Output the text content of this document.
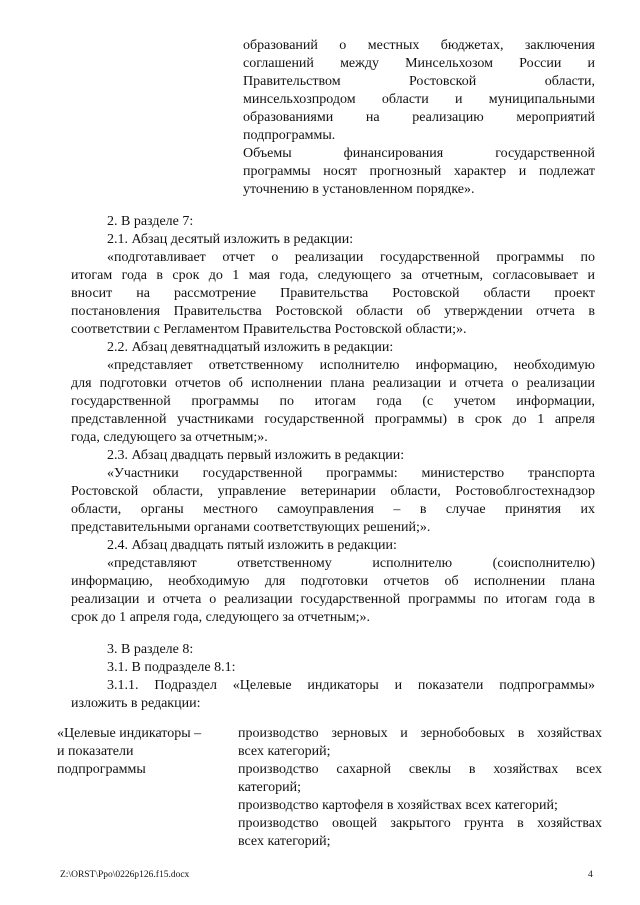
образований о местных бюджетах, заключения
соглашений между Минсельхозом России и
Правительством Ростовской области,
минсельхозпродом области и муниципальными
образованиями на реализацию мероприятий
подпрограммы.
Объемы финансирования государственной
программы носят прогнозный характер и подлежат
уточнению в установленном порядке».
2. В разделе 7:
2.1. Абзац десятый изложить в редакции:
«подготавливает отчет о реализации государственной программы по
итогам года в срок до 1 мая года, следующего за отчетным, согласовывает и
вносит на рассмотрение Правительства Ростовской области проект
постановления Правительства Ростовской области об утверждении отчета в
соответствии с Регламентом Правительства Ростовской области;».
2.2. Абзац девятнадцатый изложить в редакции:
«представляет ответственному исполнителю информацию, необходимую
для подготовки отчетов об исполнении плана реализации и отчета о реализации
государственной программы по итогам года (с учетом информации,
представленной участниками государственной программы) в срок до 1 апреля
года, следующего за отчетным;».
2.3. Абзац двадцать первый изложить в редакции:
«Участники государственной программы: министерство транспорта
Ростовской области, управление ветеринарии области, Ростовоблгостехнадзор
области, органы местного самоуправления – в случае принятия их
представительными органами соответствующих решений;».
2.4. Абзац двадцать пятый изложить в редакции:
«представляют ответственному исполнителю (соисполнителю)
информацию, необходимую для подготовки отчетов об исполнении плана
реализации и отчета о реализации государственной программы по итогам года в
срок до 1 апреля года, следующего за отчетным;».
3. В разделе 8:
3.1. В подразделе 8.1:
3.1.1. Подраздел «Целевые индикаторы и показатели подпрограммы»
изложить в редакции:
«Целевые индикаторы –
и показатели
подпрограммы
производство зерновых и зернобобовых в хозяйствах
всех категорий;
производство сахарной свеклы в хозяйствах всех
категорий;
производство картофеля в хозяйствах всех категорий;
производство овощей закрытого грунта в хозяйствах
всех категорий;
Z:\ORST\Ppo\0226p126.f15.docx	4
